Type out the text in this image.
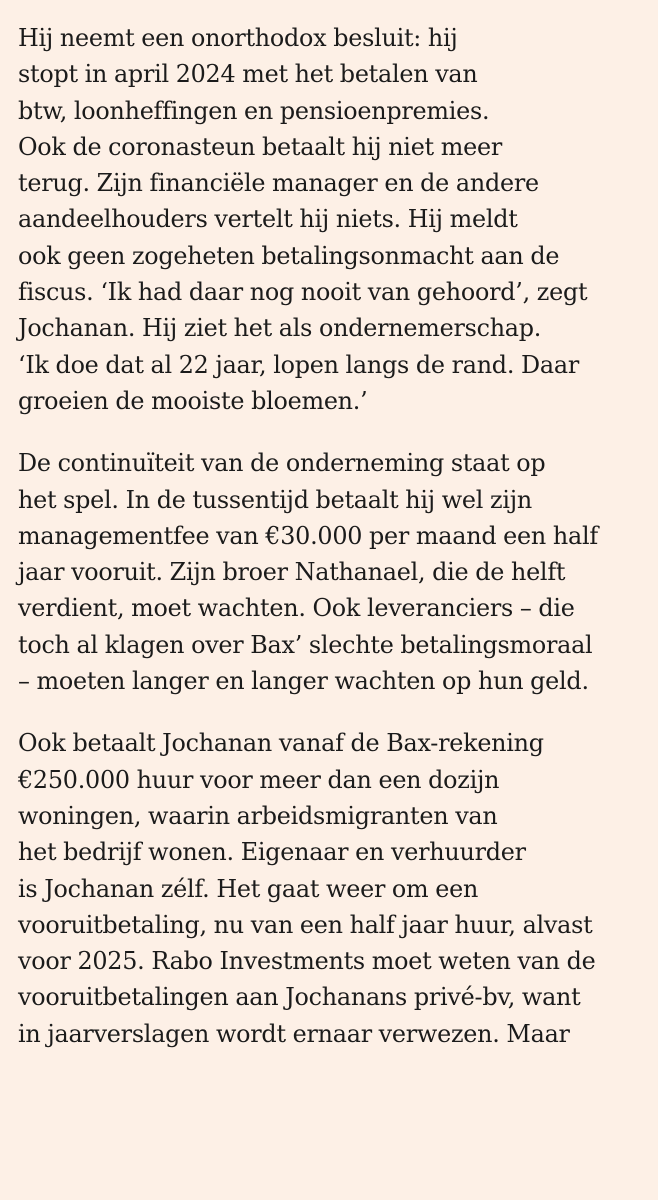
Hij neemt een onorthodox besluit: hij
stopt in april 2024 met het betalen van
btw, loonheffingen en pensioenpremies.
Ook de coronasteun betaalt hij niet meer
terug. Zijn financiële manager en de andere
aandeelhouders vertelt hij niets. Hij meldt
ook geen zogeheten betalingsonmacht aan de
fiscus. ‘Ik had daar nog nooit van gehoord’, zegt
Jochanan. Hij ziet het als ondernemerschap.
‘Ik doe dat al 22 jaar, lopen langs de rand. Daar
groeien de mooiste bloemen.’

De continuïteit van de onderneming staat op
het spel. In de tussentijd betaalt hij wel zijn
managementfee van €30.000 per maand een half
jaar vooruit. Zijn broer Nathanael, die de helft
verdient, moet wachten. Ook leveranciers – die
toch al klagen over Bax’ slechte betalingsmoraal
– moeten langer en langer wachten op hun geld.

Ook betaalt Jochanan vanaf de Bax-rekening
€250.000 huur voor meer dan een dozijn
woningen, waarin arbeidsmigranten van
het bedrijf wonen. Eigenaar en verhuurder
is Jochanan zélf. Het gaat weer om een
vooruitbetaling, nu van een half jaar huur, alvast
voor 2025. Rabo Investments moet weten van de
vooruitbetalingen aan Jochanans privé-bv, want
in jaarverslagen wordt ernaar verwezen. Maar
